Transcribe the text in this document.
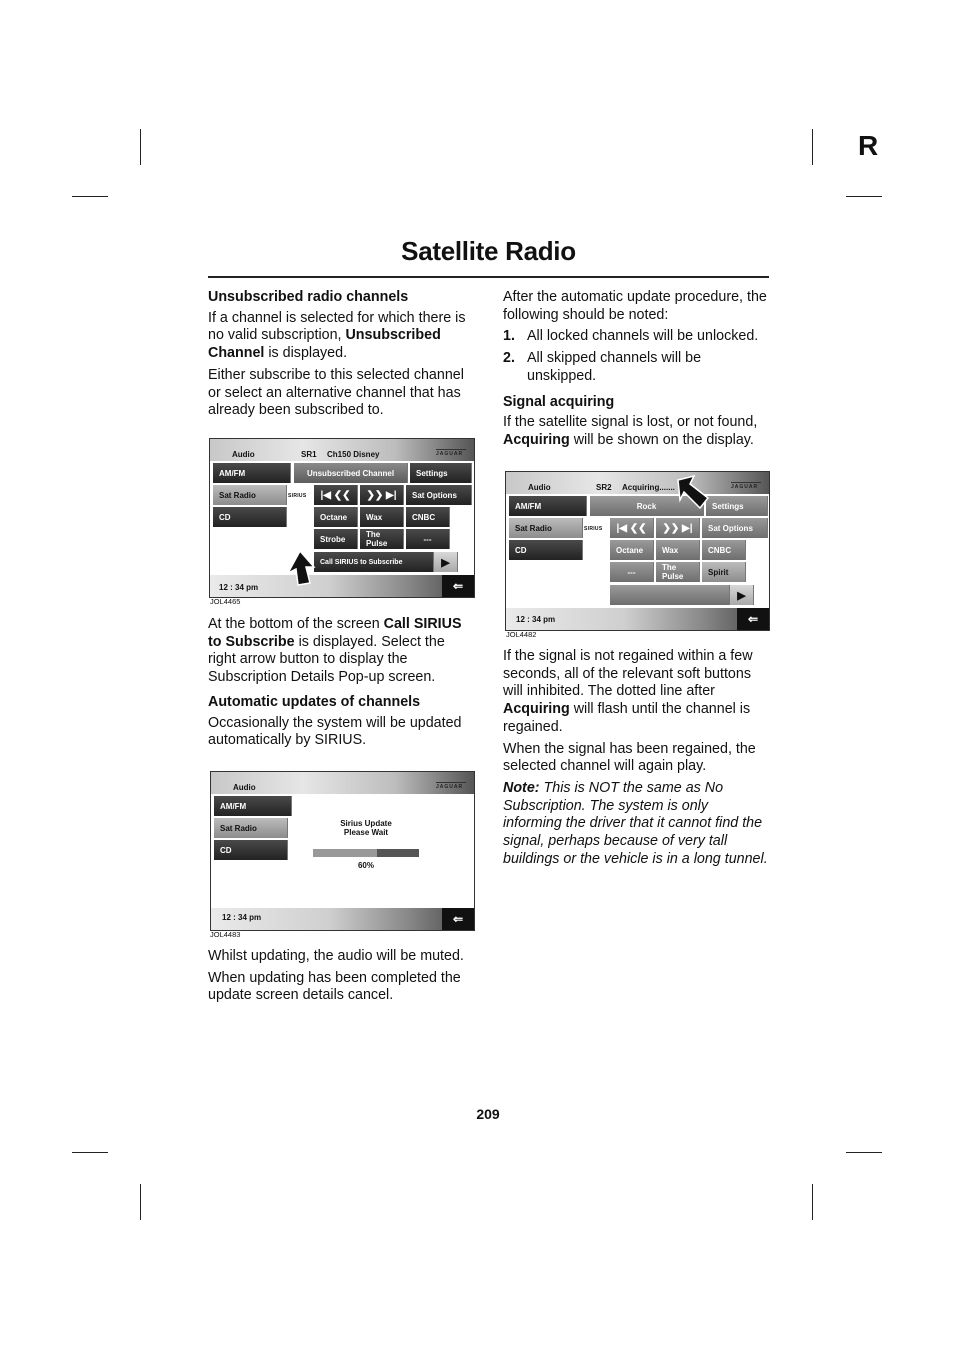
R
Satellite Radio
Unsubscribed radio channels

If a channel is selected for which there is no valid subscription, Unsubscribed Channel is displayed.

Either subscribe to this selected channel or select an alternative channel that has already been subscribed to.

Audio	SR1 Ch150 Disney	JAGUAR
AM/FM
Sat Radio
CD
Unsubscribed Channel	Settings
SIRIUS	|◀ ❮❮	❯❯ ▶|	Sat Options
Octane	Wax	CNBC
Strobe	The Pulse	---
Call SIRIUS to Subscribe	▶
12 : 34 pm	⇐
JOL4465

At the bottom of the screen Call SIRIUS to Subscribe is displayed. Select the right arrow button to display the Subscription Details Pop-up screen.

Automatic updates of channels

Occasionally the system will be updated automatically by SIRIUS.

Audio	JAGUAR
AM/FM
Sat Radio
CD
Sirius Update
Please Wait
60%
12 : 34 pm	⇐
JOL4483

Whilst updating, the audio will be muted.

When updating has been completed the update screen details cancel.

After the automatic update procedure, the following should be noted:

1. All locked channels will be unlocked.
2. All skipped channels will be unskipped.
Signal acquiring

If the satellite signal is lost, or not found, Acquiring will be shown on the display.

Audio	SR2 Acquiring.......	JAGUAR
AM/FM
Sat Radio
CD
Rock	Settings
SIRIUS	|◀ ❮❮	❯❯ ▶|	Sat Options
Octane	Wax	CNBC
---	The Pulse	Spirit
▶
12 : 34 pm	⇐
JOL4482

If the signal is not regained within a few seconds, all of the relevant soft buttons will inhibited. The dotted line after Acquiring will flash until the channel is regained.

When the signal has been regained, the selected channel will again play.

Note: This is NOT the same as No Subscription. The system is only informing the driver that it cannot find the signal, perhaps because of very tall buildings or the vehicle is in a long tunnel.

209
